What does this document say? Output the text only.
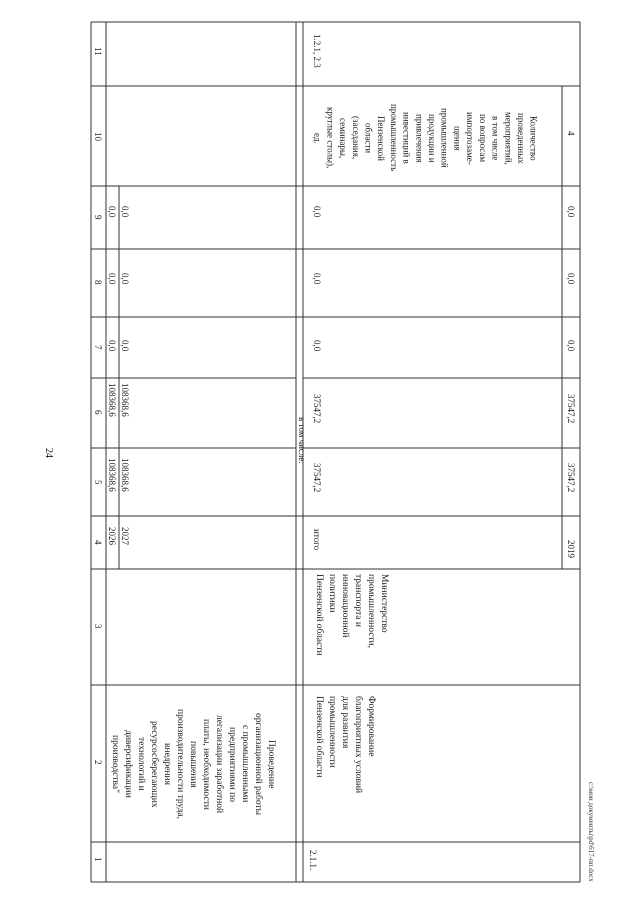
24
c:\мои документы\pd\617-пп.docx
1
2
3
4
5
6
7
8
9
10
11
Проведение
организационной работы
с промышленными
предприятиями по
легализации заработной
платы, необходимости
повышения
производительности труда,
внедрения
ресурсосберегающих
технологий и
диверсификации
производства"
2026 2027
108368,6 108368,6
108368,6 108368,6
0,0 0,0
0,0 0,0
0,0 0,0
2.1.1.
Формирование
благоприятных условий
для развития
промышленности
Пензенской области
Министерство
промышленности,
транспорта и
инновационной
политики
Пензенской области
в том числе:
итого
37547,2
37547,2
0,0
0,0
0,0
Количество
проведенных
мероприятий,
в том числе
по вопросам
импортозаме-
щения
промышленной
продукции и
привлечения
инвестиций в
промышленность
Пензенской
области
(заседания,
семинары,
круглые столы),
ед.
1.2.1, 2.3
2019
37547,2
37547,2
0,0
0,0
0,0
4
